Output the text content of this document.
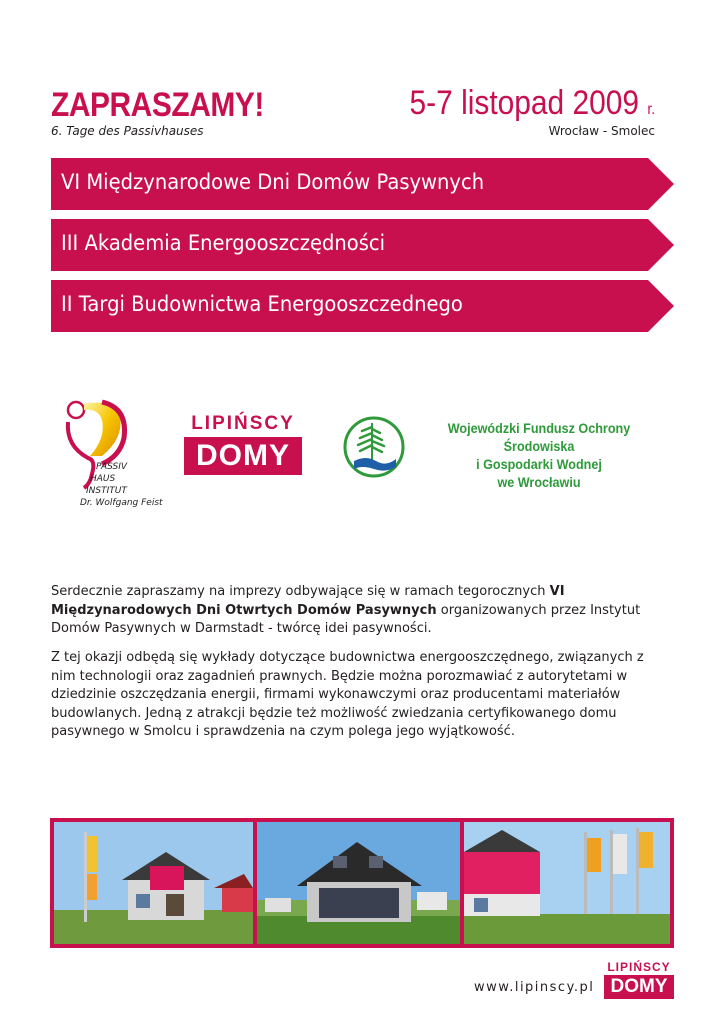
ZAPRASZAMY!
6. Tage des Passivhauses
5-7 listopad 2009 r.
Wrocław - Smolec
VI Międzynarodowe Dni Domów Pasywnych
III Akademia Energooszczędności
II Targi Budownictwa Energooszczednego
PASSIV
HAUS
INSTITUT
Dr. Wolfgang Feist
LIPIŃSCY
DOMY
Wojewódzki Fundusz Ochrony Środowiska
i Gospodarki Wodnej
we Wrocławiu
Serdecznie zapraszamy na imprezy odbywające się w ramach tegorocznych VI Międzynarodowych Dni Otwrtych Domów Pasywnych organizowanych przez Instytut Domów Pasywnych w Darmstadt - twórcę idei pasywności.
Z tej okazji odbędą się wykłady dotyczące budownictwa energooszczędnego, związanych z nim technologii oraz zagadnień prawnych. Będzie można porozmawiać z autorytetami w dziedzinie oszczędzania energii, firmami wykonawczymi oraz producentami materiałów budowlanych. Jedną z atrakcji będzie też możliwość zwiedzania certyfikowanego domu pasywnego w Smolcu i sprawdzenia na czym polega jego wyjątkowość.
www.lipinscy.pl
LIPIŃSCY
DOMY
